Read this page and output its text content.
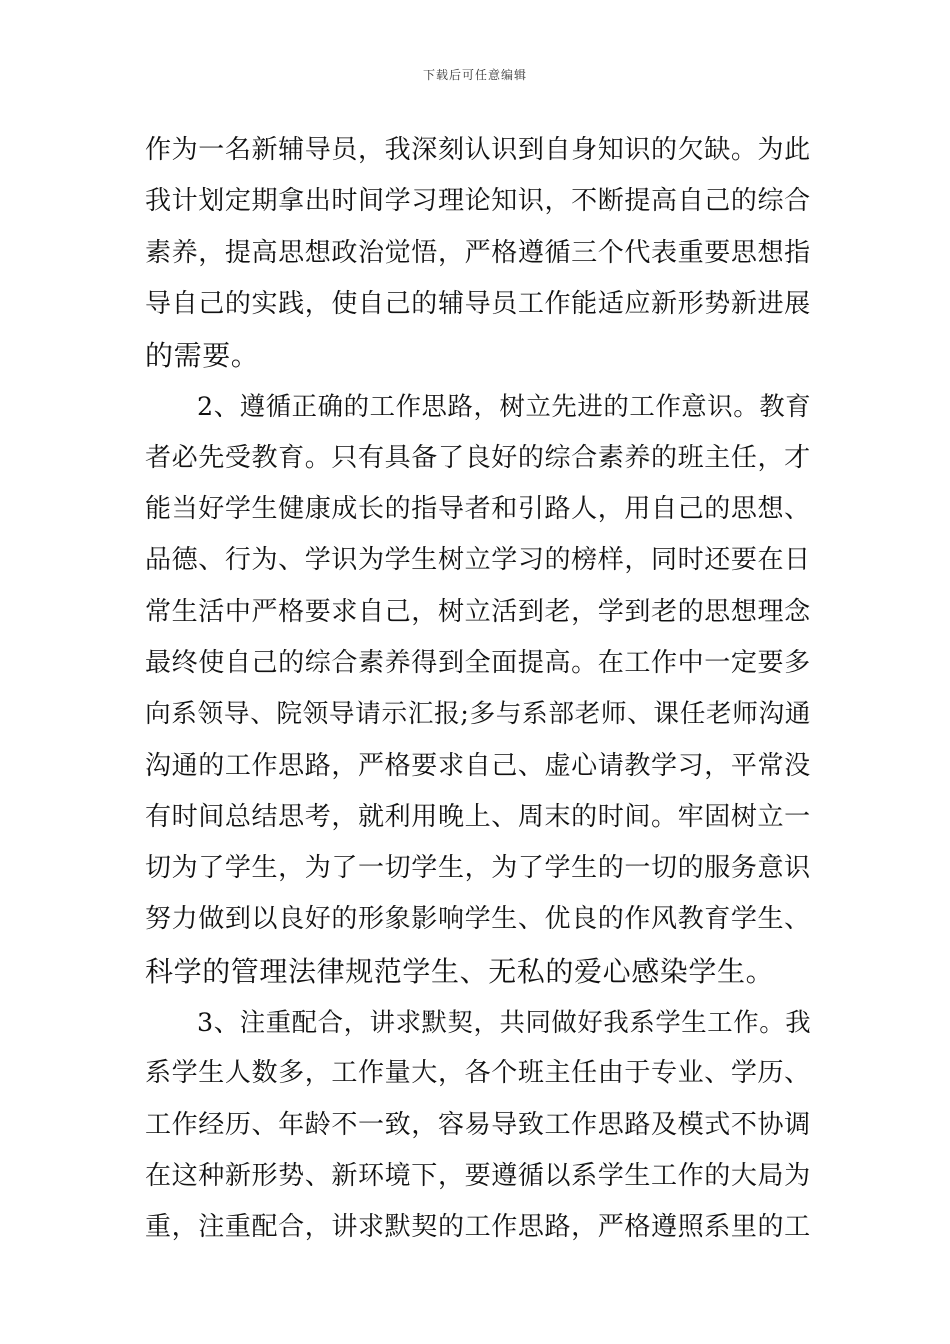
下载后可任意编辑
作为一名新辅导员，我深刻认识到自身知识的欠缺。为此
我计划定期拿出时间学习理论知识，不断提高自己的综合
素养，提高思想政治觉悟，严格遵循三个代表重要思想指
导自己的实践，使自己的辅导员工作能适应新形势新进展
的需要。
2、遵循正确的工作思路，树立先进的工作意识。教育
者必先受教育。只有具备了良好的综合素养的班主任，才
能当好学生健康成长的指导者和引路人，用自己的思想、
品德、行为、学识为学生树立学习的榜样，同时还要在日
常生活中严格要求自己，树立活到老，学到老的思想理念
最终使自己的综合素养得到全面提高。在工作中一定要多
向系领导、院领导请示汇报;多与系部老师、课任老师沟通
沟通的工作思路，严格要求自己、虚心请教学习，平常没
有时间总结思考，就利用晚上、周末的时间。牢固树立一
切为了学生，为了一切学生，为了学生的一切的服务意识
努力做到以良好的形象影响学生、优良的作风教育学生、
科学的管理法律规范学生、无私的爱心感染学生。
3、注重配合，讲求默契，共同做好我系学生工作。我
系学生人数多，工作量大，各个班主任由于专业、学历、
工作经历、年龄不一致，容易导致工作思路及模式不协调
在这种新形势、新环境下，要遵循以系学生工作的大局为
重，注重配合，讲求默契的工作思路，严格遵照系里的工
